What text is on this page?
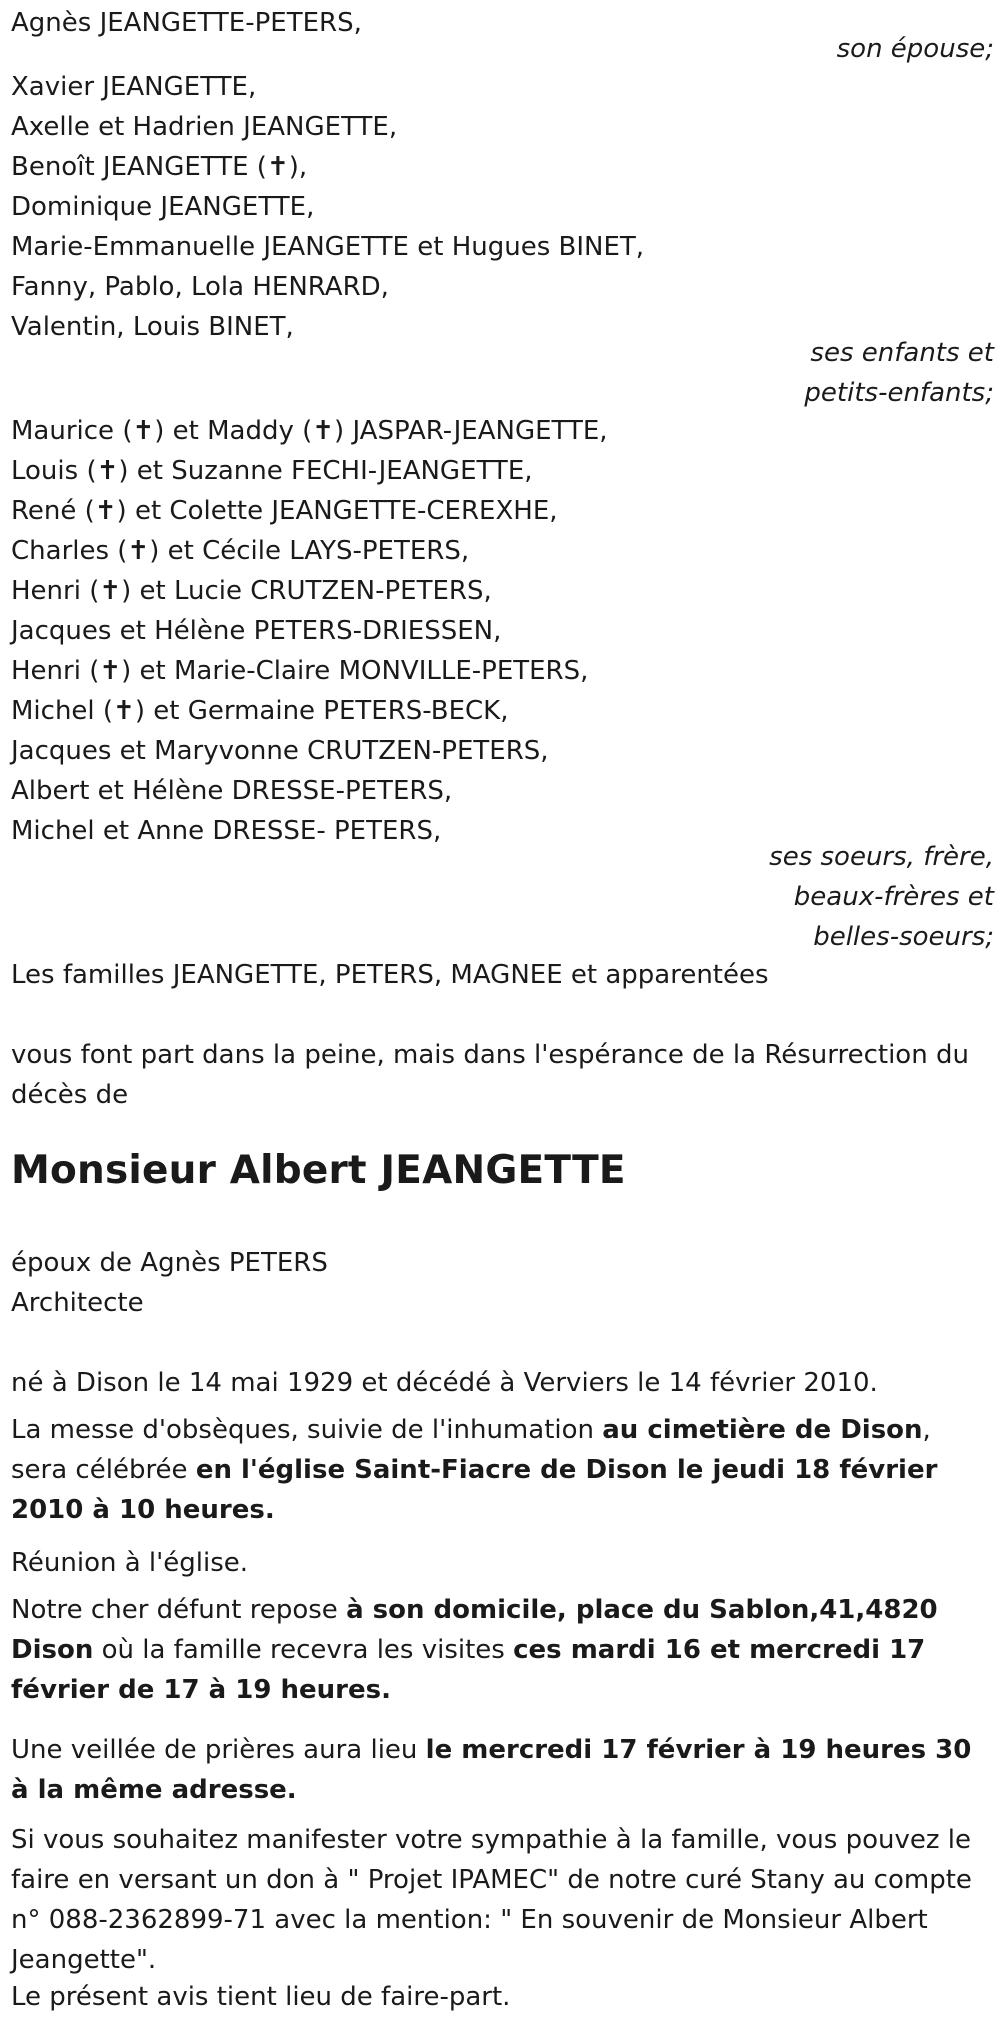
Agnès JEANGETTE-PETERS,
son épouse;
Xavier JEANGETTE,
Axelle et Hadrien JEANGETTE,
Benoît JEANGETTE (✝),
Dominique JEANGETTE,
Marie-Emmanuelle JEANGETTE et Hugues BINET,
Fanny, Pablo, Lola HENRARD,
Valentin, Louis BINET,
ses enfants et
petits-enfants;
Maurice (✝) et Maddy (✝) JASPAR-JEANGETTE,
Louis (✝) et Suzanne FECHI-JEANGETTE,
René (✝) et Colette JEANGETTE-CEREXHE,
Charles (✝) et Cécile LAYS-PETERS,
Henri (✝) et Lucie CRUTZEN-PETERS,
Jacques et Hélène PETERS-DRIESSEN,
Henri (✝) et Marie-Claire MONVILLE-PETERS,
Michel (✝) et Germaine PETERS-BECK,
Jacques et Maryvonne CRUTZEN-PETERS,
Albert et Hélène DRESSE-PETERS,
Michel et Anne DRESSE- PETERS,
ses soeurs, frère,
beaux-frères et
belles-soeurs;
Les familles JEANGETTE, PETERS, MAGNEE et apparentées
vous font part dans la peine, mais dans l'espérance de la Résurrection du
décès de
Monsieur Albert JEANGETTE
époux de Agnès PETERS
Architecte
né à Dison le 14 mai 1929 et décédé à Verviers le 14 février 2010.
La messe d'obsèques, suivie de l'inhumation au cimetière de Dison, sera célébrée en l'église Saint-Fiacre de Dison le jeudi 18 février 2010 à 10 heures.
Réunion à l'église.
Notre cher défunt repose à son domicile, place du Sablon,41,4820 Dison où la famille recevra les visites ces mardi 16 et mercredi 17 février de 17 à 19 heures.
Une veillée de prières aura lieu le mercredi 17 février à 19 heures 30 à la même adresse.
Si vous souhaitez manifester votre sympathie à la famille, vous pouvez le faire en versant un don à " Projet IPAMEC" de notre curé Stany au compte n° 088-2362899-71 avec la mention: " En souvenir de Monsieur Albert Jeangette".
Le présent avis tient lieu de faire-part.
